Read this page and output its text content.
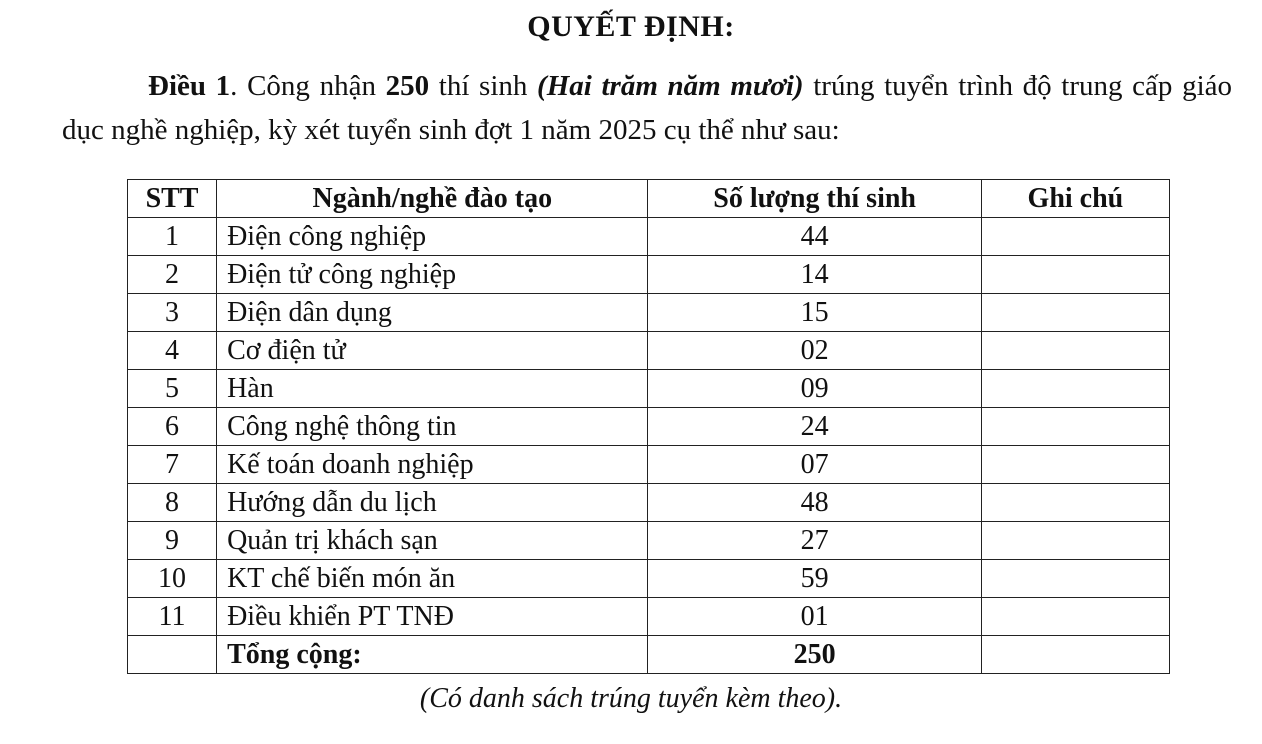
QUYẾT ĐỊNH:

Điều 1. Công nhận 250 thí sinh (Hai trăm năm mươi) trúng tuyển trình độ trung cấp giáo dục nghề nghiệp, kỳ xét tuyển sinh đợt 1 năm 2025 cụ thể như sau:

STT	Ngành/nghề đào tạo	Số lượng thí sinh	Ghi chú
1	Điện công nghiệp	44	
2	Điện tử công nghiệp	14	
3	Điện dân dụng	15	
4	Cơ điện tử	02	
5	Hàn	09	
6	Công nghệ thông tin	24	
7	Kế toán doanh nghiệp	07	
8	Hướng dẫn du lịch	48	
9	Quản trị khách sạn	27	
10	KT chế biến món ăn	59	
11	Điều khiển PT TNĐ	01	
	Tổng cộng:	250	
(Có danh sách trúng tuyển kèm theo).
